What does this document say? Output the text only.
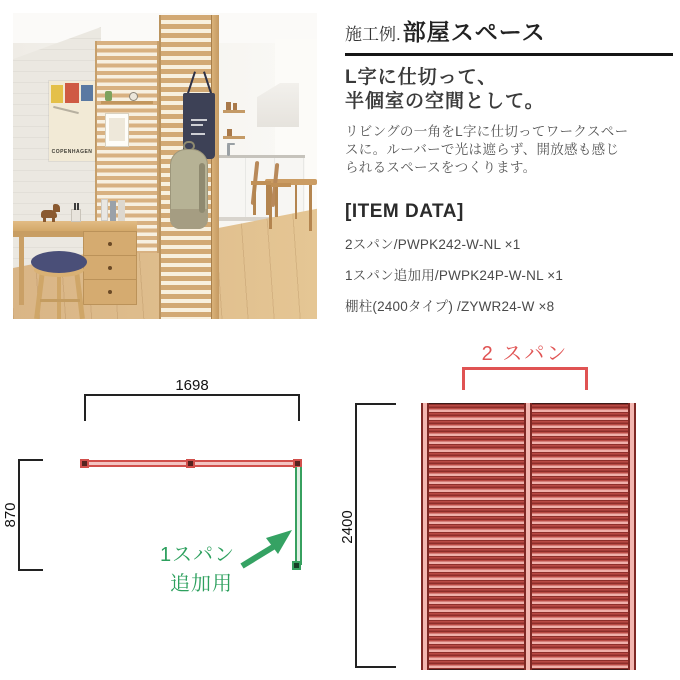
COPENHAGEN
施工例. 部屋スペース
L字に仕切って、
半個室の空間として。
リビングの一角をL字に仕切ってワークスペー
スに。ルーバーで光は遮らず、開放感も感じ
られるスペースをつくります。
[ITEM DATA]
2スパン/PWPK242-W-NL ×1
1スパン追加用/PWPK24P-W-NL ×1
棚柱(2400タイプ) /ZYWR24-W ×8
1698
870
1スパン
追加用
2 スパン
2400
